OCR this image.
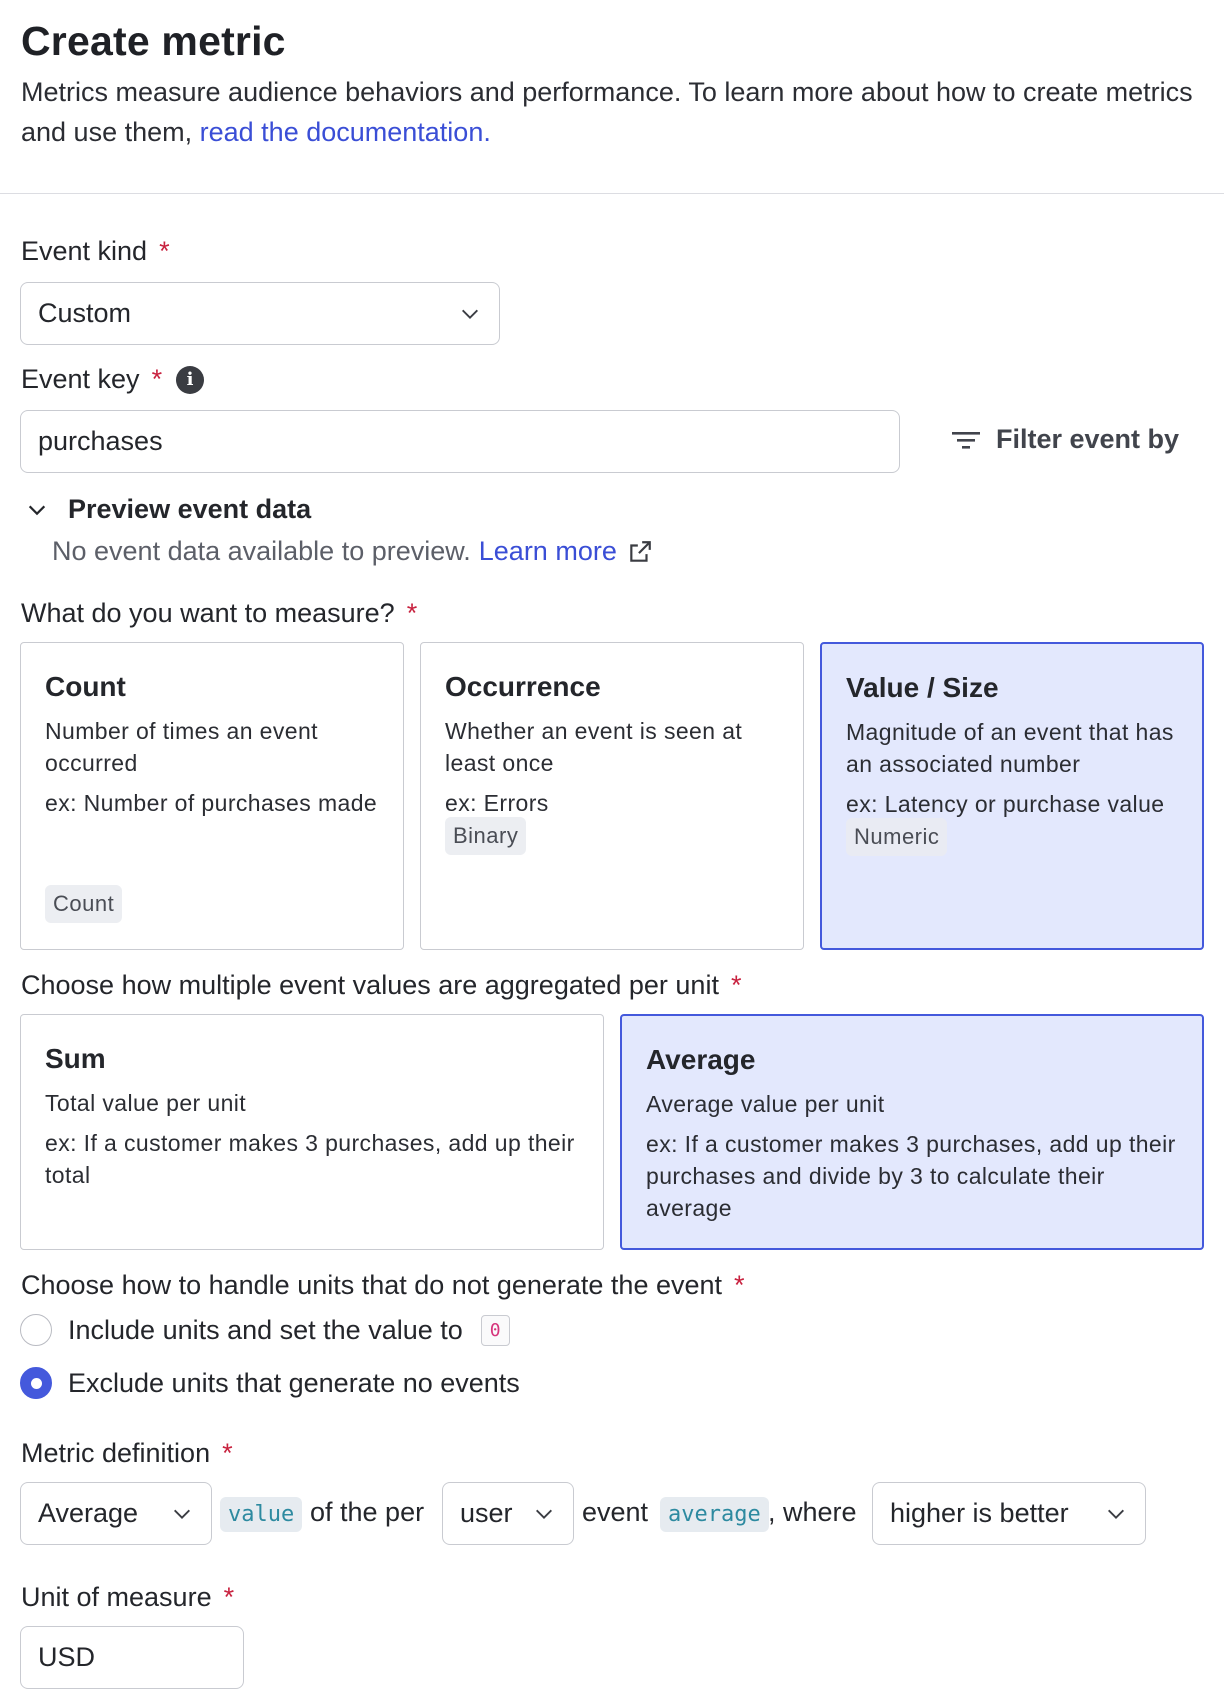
Create metric
Metrics measure audience behaviors and performance. To learn more about how to create metrics and use them, read the documentation.
Event kind *
Custom
Event key *	i
purchases	Filter event by
Preview event data
No event data available to preview. Learn more
What do you want to measure? *
Count
Number of times an event occurred
ex: Number of purchases made
Count
Occurrence
Whether an event is seen at least once
ex: Errors
Binary
Value / Size
Magnitude of an event that has an associated number
ex: Latency or purchase value
Numeric
Choose how multiple event values are aggregated per unit *
Sum
Total value per unit
ex: If a customer makes 3 purchases, add up their total
Average
Average value per unit
ex: If a customer makes 3 purchases, add up their purchases and divide by 3 to calculate their average
Choose how to handle units that do not generate the event *
Include units and set the value to	0
Exclude units that generate no events
Metric definition *
Average	value of the per user	event average , where higher is better
Unit of measure *
USD
